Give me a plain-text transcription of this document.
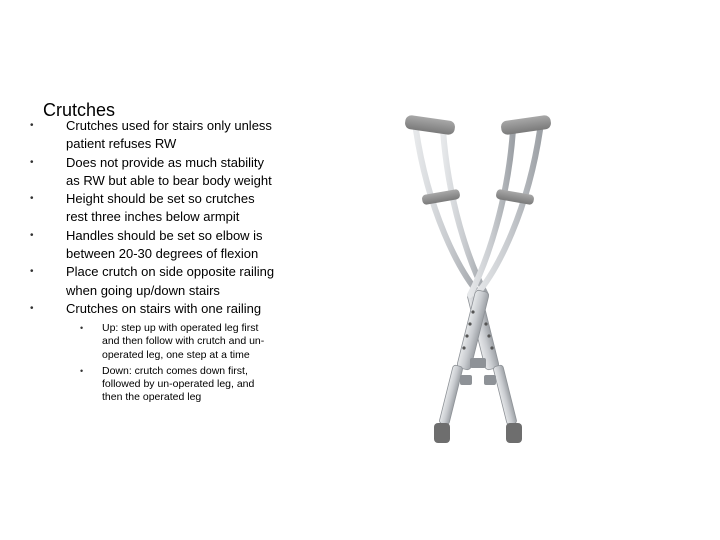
Crutches
•	Crutches used for stairs only unless patient refuses RW
•	Does not provide as much stability as RW but able to bear body weight
•	Height should be set so crutches rest three inches below armpit
•	Handles should be set so elbow is between 20-30 degrees of flexion
•	Place crutch on side opposite railing when going up/down stairs
•	Crutches on stairs with one railing
•	Up: step up with operated leg first and then follow with crutch and un-operated leg, one step at a time
•	Down: crutch comes down first, followed by un-operated leg, and then the operated leg
